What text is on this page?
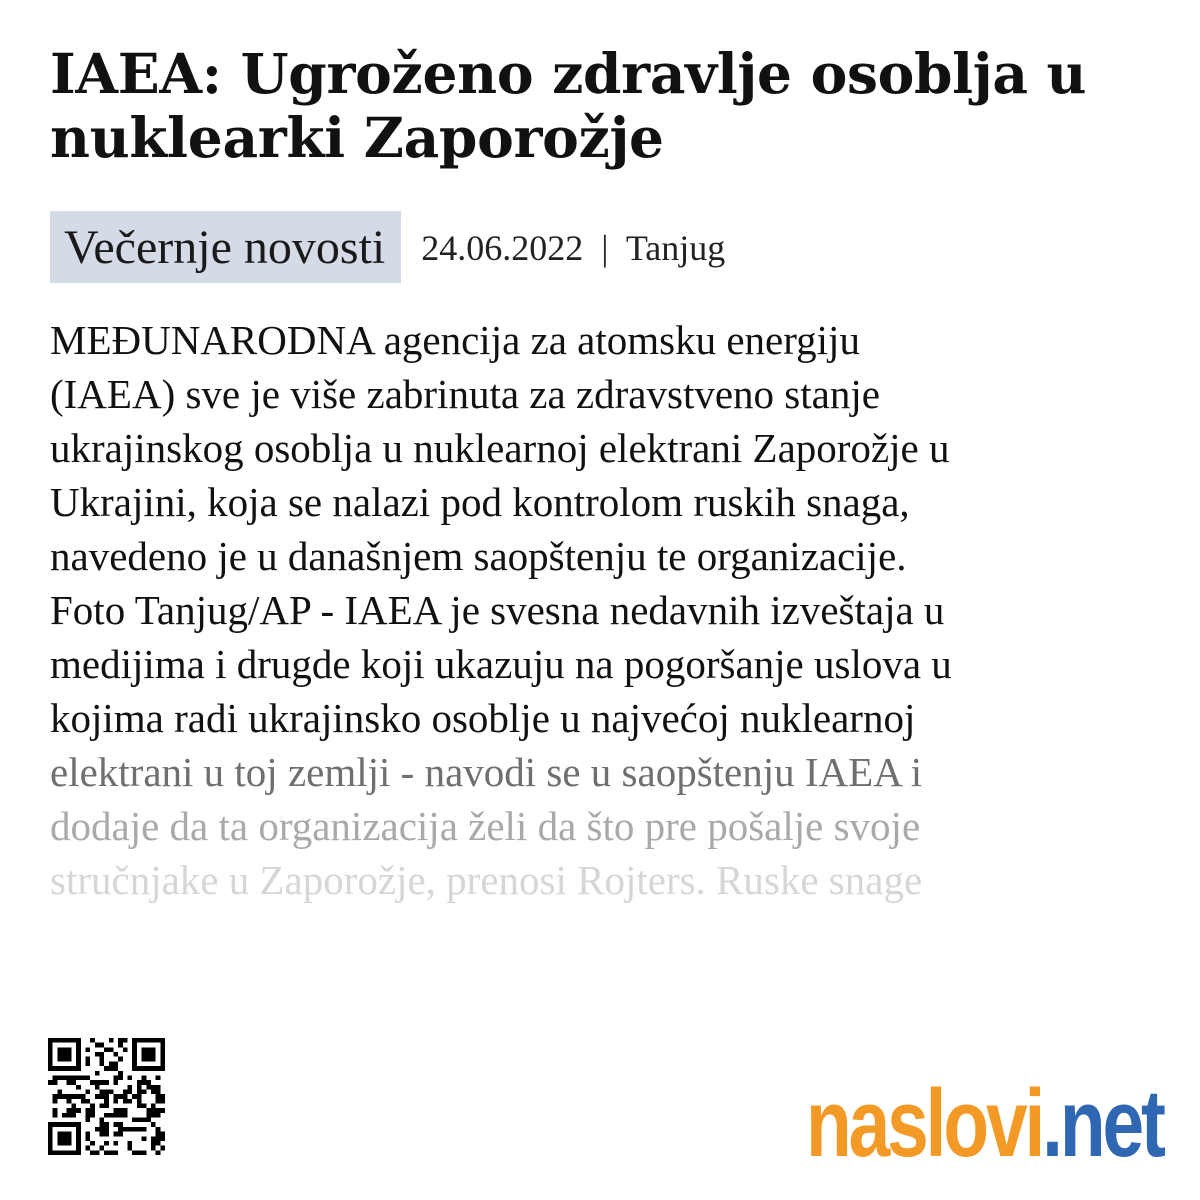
IAEA: Ugroženo zdravlje osoblja u nuklearki Zaporožje
Večernje novosti	24.06.2022 | Tanjug
MEĐUNARODNA agencija za atomsku energiju
(IAEA) sve je više zabrinuta za zdravstveno stanje
ukrajinskog osoblja u nuklearnoj elektrani Zaporožje u
Ukrajini, koja se nalazi pod kontrolom ruskih snaga,
navedeno je u današnjem saopštenju te organizacije.
Foto Tanjug/AP - IAEA je svesna nedavnih izveštaja u
medijima i drugde koji ukazuju na pogoršanje uslova u
kojima radi ukrajinsko osoblje u najvećoj nuklearnoj
elektrani u toj zemlji - navodi se u saopštenju IAEA i
dodaje da ta organizacija želi da što pre pošalje svoje
stručnjake u Zaporožje, prenosi Rojters. Ruske snage
naslovi .net
